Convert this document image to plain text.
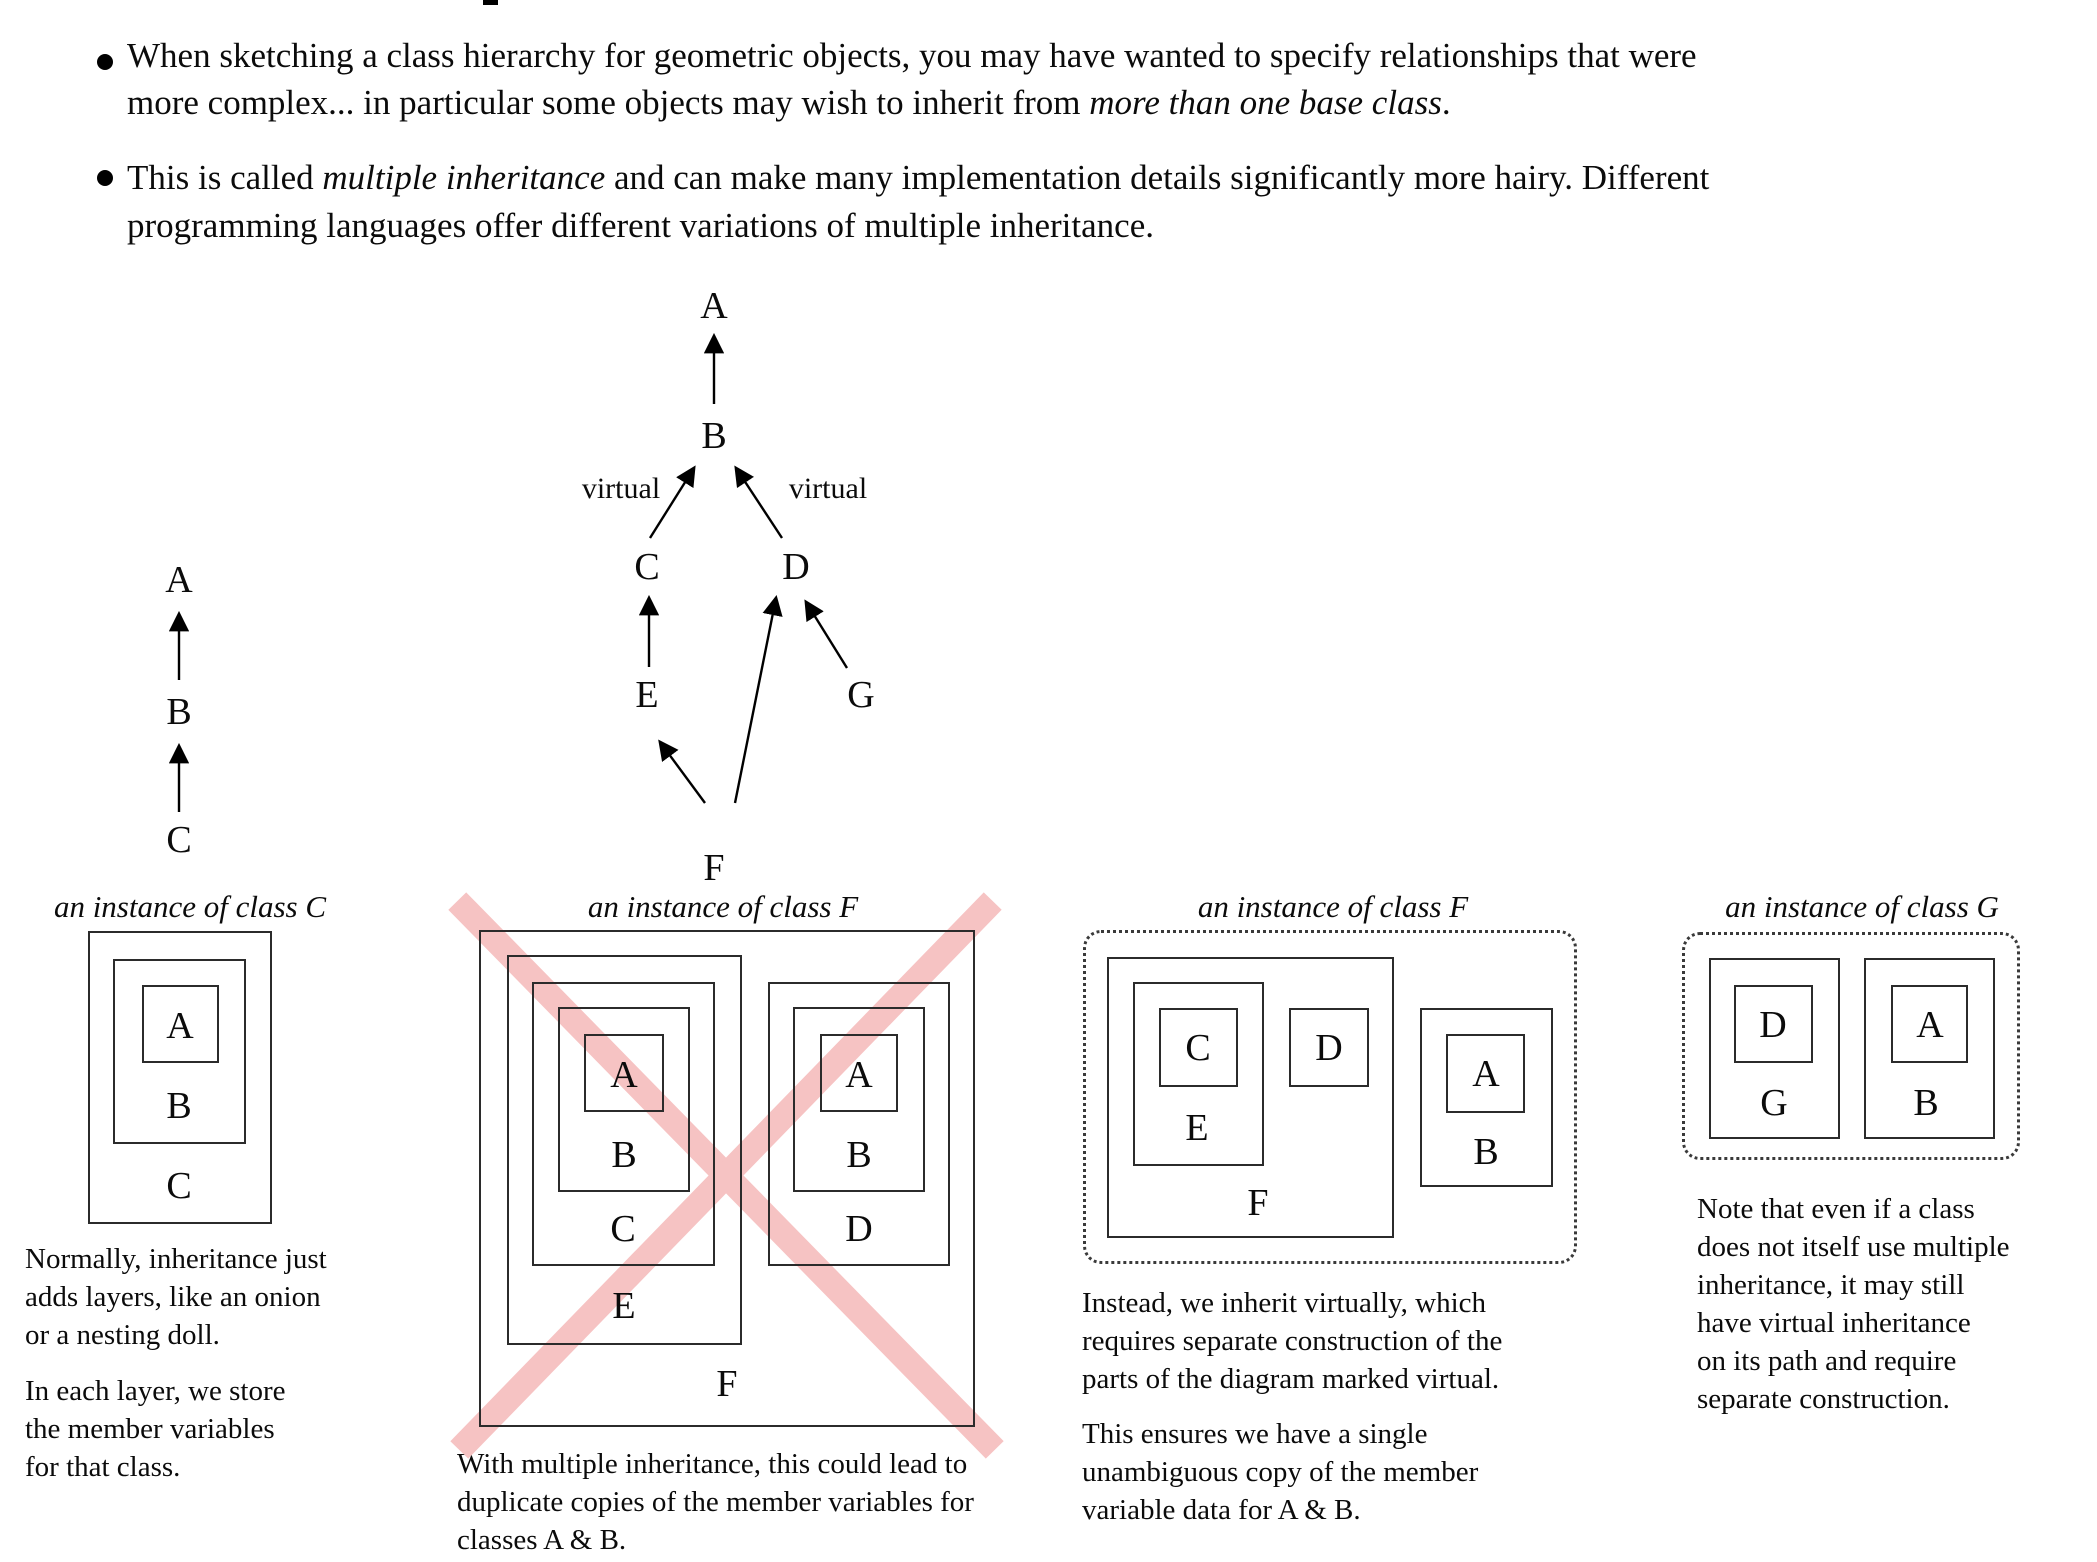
When sketching a class hierarchy for geometric objects, you may have wanted to specify relationships that were
more complex... in particular some objects may wish to inherit from more than one base class.
This is called multiple inheritance and can make many implementation details significantly more hairy. Different
programming languages offer different variations of multiple inheritance.
A
B
C
A
B
virtual	virtual
C	D
E	G
F
an instance of class C
A
B
C
Normally, inheritance just
adds layers, like an onion
or a nesting doll.
In each layer, we store
the member variables
for that class.
an instance of class F
A
B
C
E
A
B
D
F
With multiple inheritance, this could lead to
duplicate copies of the member variables for
classes A & B.
an instance of class F
C	D
E
F
A
B
Instead, we inherit virtually, which
requires separate construction of the
parts of the diagram marked virtual.
This ensures we have a single
unambiguous copy of the member
variable data for A & B.
an instance of class G
D
G
A
B
Note that even if a class
does not itself use multiple
inheritance, it may still
have virtual inheritance
on its path and require
separate construction.
